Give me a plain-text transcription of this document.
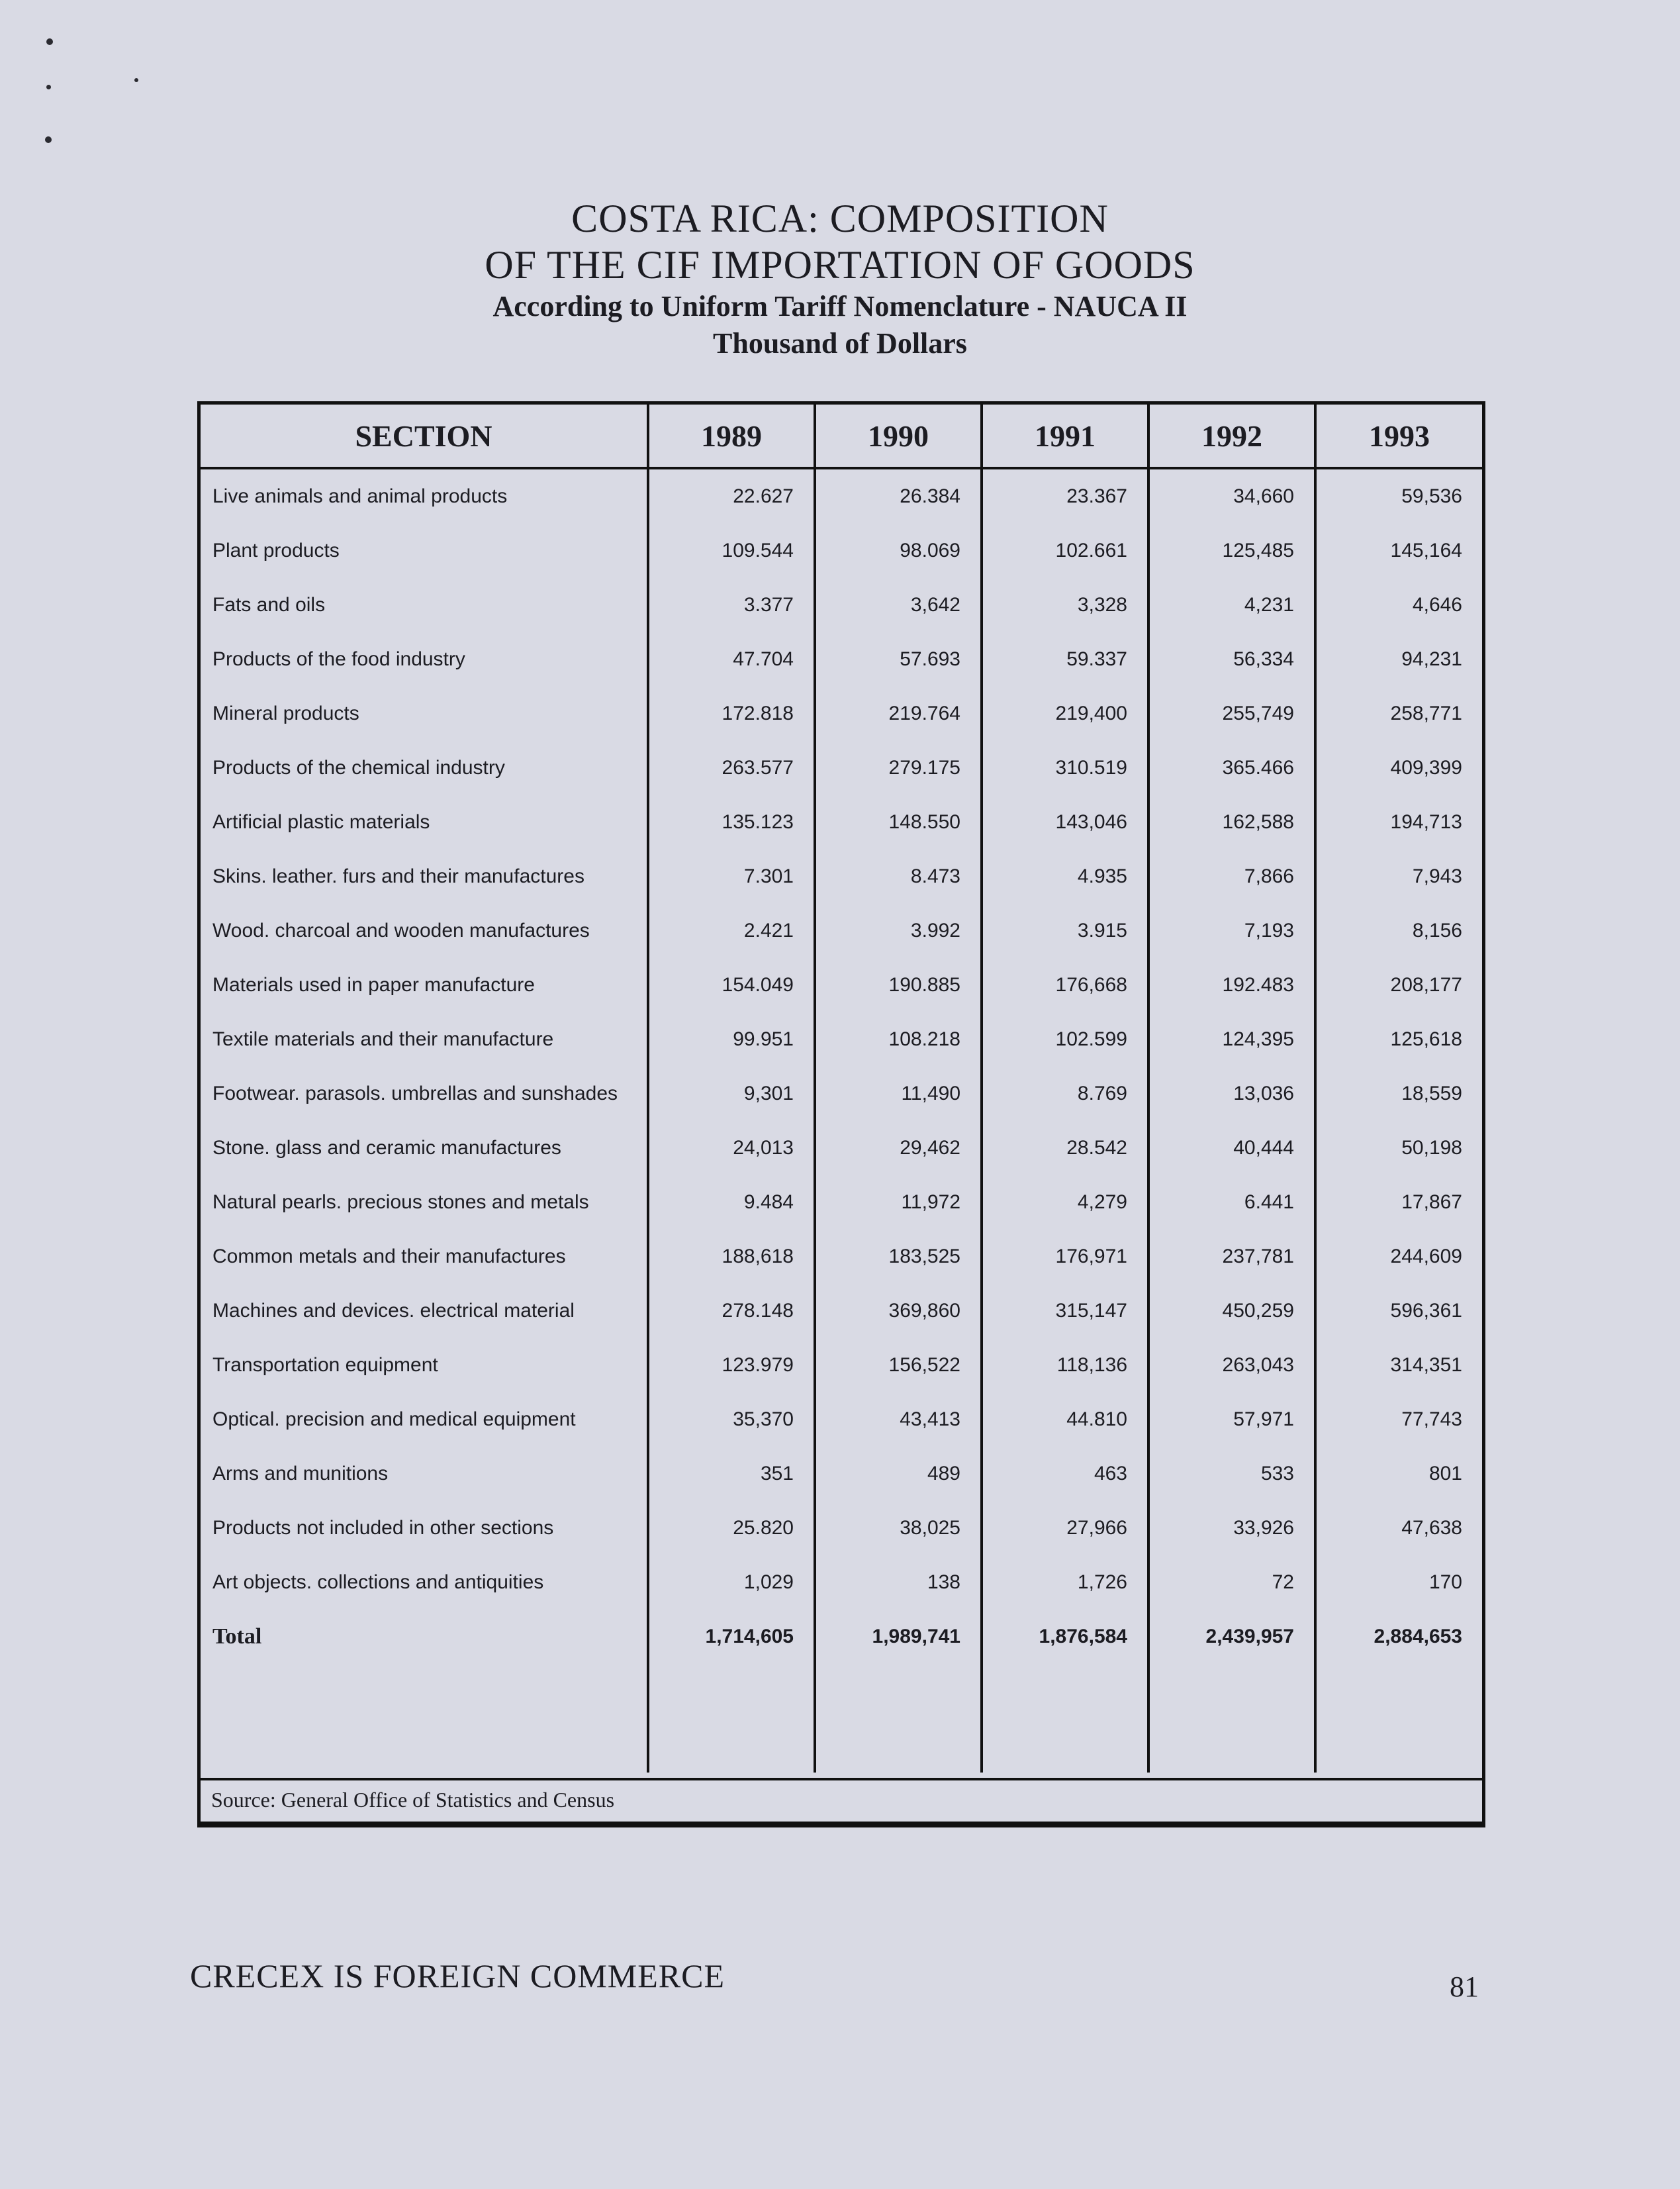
COSTA RICA: COMPOSITION
OF THE CIF IMPORTATION OF GOODS
According to Uniform Tariff Nomenclature - NAUCA II
Thousand of Dollars
SECTION	1989	1990	1991	1992	1993
Live animals and animal products	22.627	26.384	23.367	34,660	59,536
Plant products	109.544	98.069	102.661	125,485	145,164
Fats and oils	3.377	3,642	3,328	4,231	4,646
Products of the food industry	47.704	57.693	59.337	56,334	94,231
Mineral products	172.818	219.764	219,400	255,749	258,771
Products of the chemical industry	263.577	279.175	310.519	365.466	409,399
Artificial plastic materials	135.123	148.550	143,046	162,588	194,713
Skins. leather. furs and their manufactures	7.301	8.473	4.935	7,866	7,943
Wood. charcoal and wooden manufactures	2.421	3.992	3.915	7,193	8,156
Materials used in paper manufacture	154.049	190.885	176,668	192.483	208,177
Textile materials and their manufacture	99.951	108.218	102.599	124,395	125,618
Footwear. parasols. umbrellas and sunshades	9,301	11,490	8.769	13,036	18,559
Stone. glass and ceramic manufactures	24,013	29,462	28.542	40,444	50,198
Natural pearls. precious stones and metals	9.484	11,972	4,279	6.441	17,867
Common metals and their manufactures	188,618	183,525	176,971	237,781	244,609
Machines and devices. electrical material	278.148	369,860	315,147	450,259	596,361
Transportation equipment	123.979	156,522	118,136	263,043	314,351
Optical. precision and medical equipment	35,370	43,413	44.810	57,971	77,743
Arms and munitions	351	489	463	533	801
Products not included in other sections	25.820	38,025	27,966	33,926	47,638
Art objects. collections and antiquities	1,029	138	1,726	72	170
Total	1,714,605	1,989,741	1,876,584	2,439,957	2,884,653

Source: General Office of Statistics and Census
CRECEX IS FOREIGN COMMERCE	81
